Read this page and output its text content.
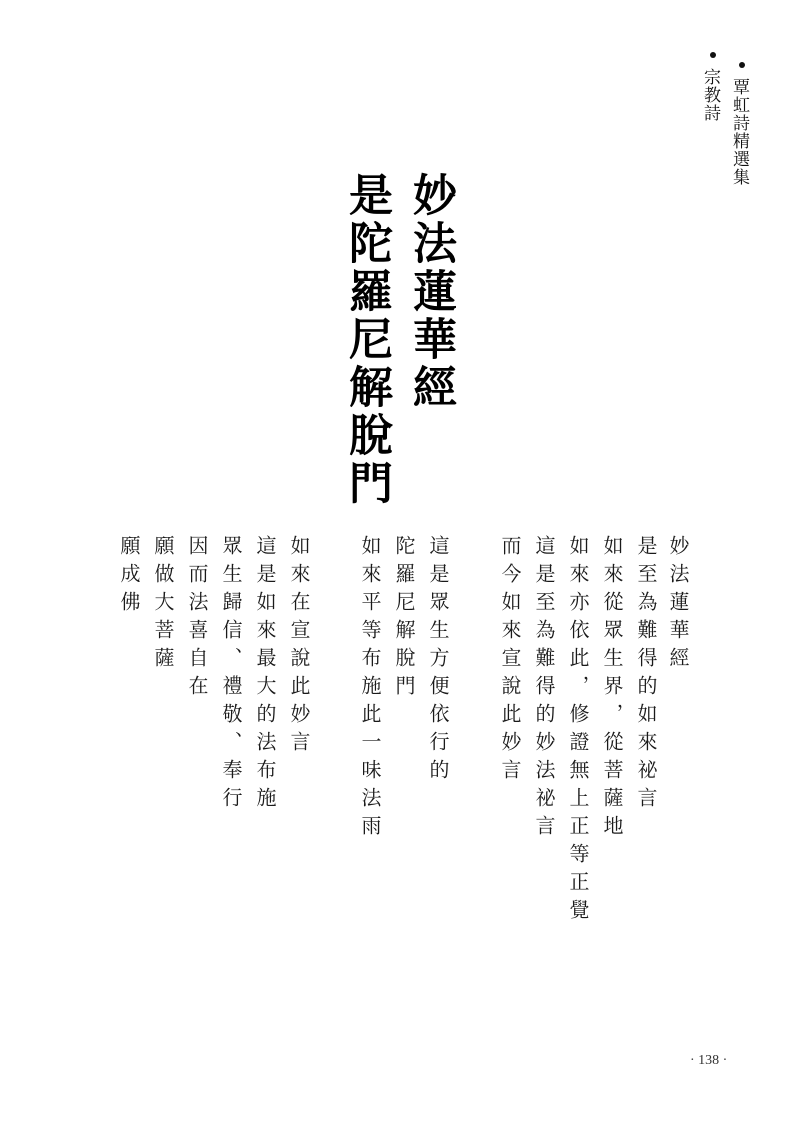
覃虹詩精選集
宗教詩
妙法蓮華經
是陀羅尼解脫門
妙法蓮華經
是至為難得的如來祕言
如來從眾生界，從菩薩地
如來亦依此，修證無上正等正覺
這是至為難得的妙法祕言
而今如來宣說此妙言
這是眾生方便依行的
陀羅尼解脫門
如來平等布施此一味法雨
如來在宣說此妙言
這是如來最大的法布施
眾生歸信、禮敬、奉行
因而法喜自在
願做大菩薩
願成佛
· 138 ·
